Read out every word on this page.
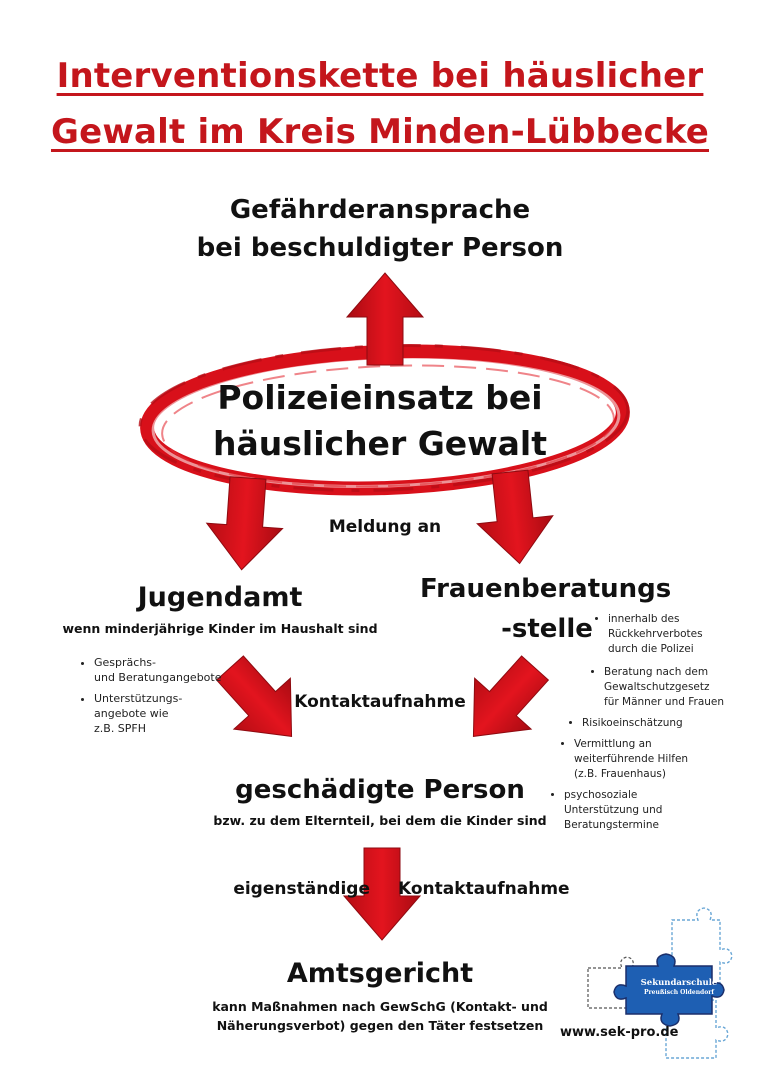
Interventionskette bei häuslicher
Gewalt im Kreis Minden-Lübbecke
Gefährderansprache
bei beschuldigter Person
Polizeieinsatz bei
häuslicher Gewalt
Meldung an
Jugendamt
wenn minderjährige Kinder im Haushalt sind
• Gesprächs-
und Beratungangebote
• Unterstützungs-
angebote wie
z.B. SPFH
Frauenberatungs
-stelle
•	innerhalb des
Rückkehrverbotes
durch die Polizei
• Beratung nach dem
Gewaltschutzgesetz
für Männer und Frauen
• Risikoeinschätzung
• Vermittlung an
weiterführende Hilfen
(z.B. Frauenhaus)
• psychosoziale
Unterstützung und
Beratungstermine
Kontaktaufnahme
geschädigte Person
bzw. zu dem Elternteil, bei dem die Kinder sind
eigenständige Kontaktaufnahme
Amtsgericht
kann Maßnahmen nach GewSchG (Kontakt- und
Näherungsverbot) gegen den Täter festsetzen
Sekundarschule
Preußisch Oldendorf
www.sek-pro.de
